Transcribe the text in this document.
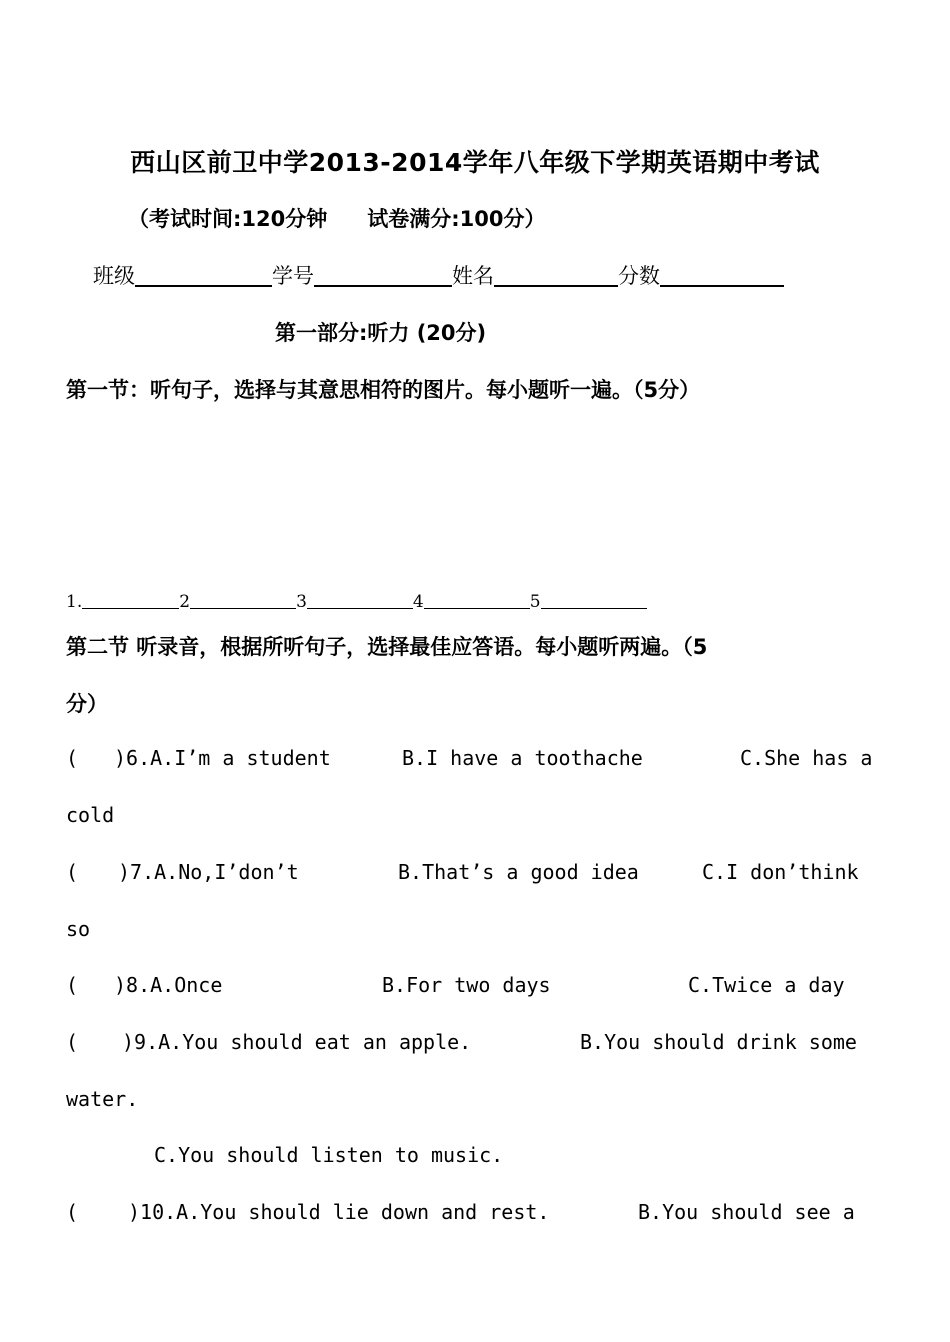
西山区前卫中学2013-2014学年八年级下学期英语期中考试
（考试时间:120分钟 试卷满分:100分）
班级	学号	姓名	分数
第一部分:听力 (20分)
第一节：听句子，选择与其意思相符的图片。每小题听一遍。（5分）
1.	2	3	4	5
第二节 听录音，根据所听句子，选择最佳应答语。每小题听两遍。（5
分）
( )6.A.I’m a student	B.I have a toothache	C.She has a
cold
( )7.A.No,I’don’t	B.That’s a good idea	C.I don’think
so
( )8.A.Once	B.For two days	C.Twice a day
( )9.A.You should eat an apple.	B.You should drink some
water.
C.You should listen to music.
( )10.A.You should lie down and rest.	B.You should see a
